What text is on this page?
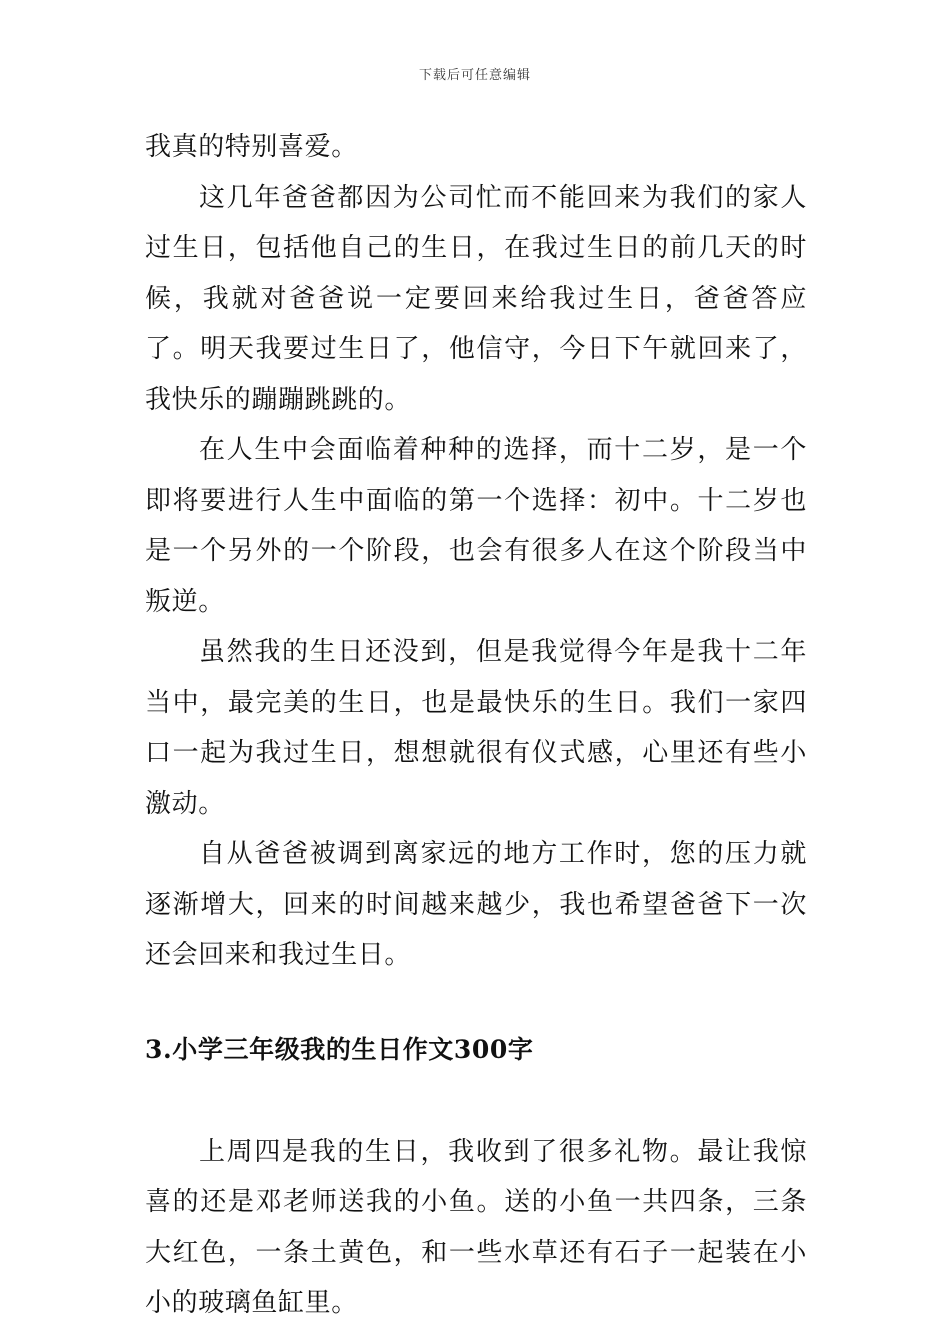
下载后可任意编辑

我真的特别喜爱。

这几年爸爸都因为公司忙而不能回来为我们的家人过生日，包括他自己的生日，在我过生日的前几天的时候，我就对爸爸说一定要回来给我过生日，爸爸答应了。明天我要过生日了，他信守，今日下午就回来了，我快乐的蹦蹦跳跳的。

在人生中会面临着种种的选择，而十二岁，是一个即将要进行人生中面临的第一个选择：初中。十二岁也是一个另外的一个阶段，也会有很多人在这个阶段当中叛逆。

虽然我的生日还没到，但是我觉得今年是我十二年当中，最完美的生日，也是最快乐的生日。我们一家四口一起为我过生日，想想就很有仪式感，心里还有些小激动。

自从爸爸被调到离家远的地方工作时，您的压力就逐渐增大，回来的时间越来越少，我也希望爸爸下一次还会回来和我过生日。

3.小学三年级我的生日作文300字

上周四是我的生日，我收到了很多礼物。最让我惊喜的还是邓老师送我的小鱼。送的小鱼一共四条，三条大红色，一条土黄色，和一些水草还有石子一起装在小小的玻璃鱼缸里。
